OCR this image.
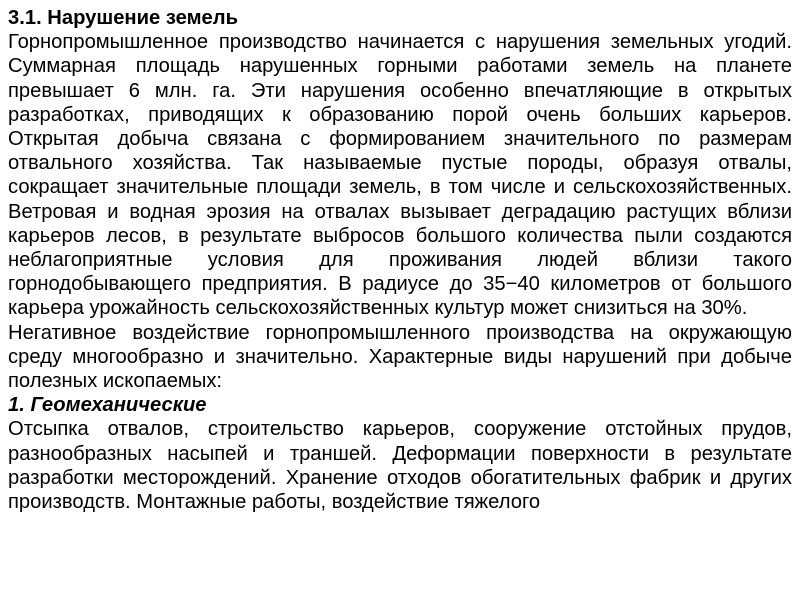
3.1. Нарушение земель

Горнопромышленное производство начинается с нарушения земельных угодий. Суммарная площадь нарушенных горными работами земель на планете превышает 6 млн. га. Эти нарушения особенно впечатляющие в открытых разработках, приводящих к образованию порой очень больших карьеров. Открытая добыча связана с формированием значительного по размерам отвального хозяйства. Так называемые пустые породы, образуя отвалы, сокращает значительные площади земель, в том числе и сельскохозяйственных. Ветровая и водная эрозия на отвалах вызывает деградацию растущих вблизи карьеров лесов, в результате выбросов большого количества пыли создаются неблагоприятные условия для проживания людей вблизи такого горнодобывающего предприятия. В радиусе до 35−40 километров от большого карьера урожайность сельскохозяйственных культур может снизиться на 30%.

Негативное воздействие горнопромышленного производства на окружающую среду многообразно и значительно. Характерные виды нарушений при добыче полезных ископаемых:

1. Геомеханические

Отсыпка отвалов, строительство карьеров, сооружение отстойных прудов, разнообразных насыпей и траншей. Деформации поверхности в результате разработки месторождений. Хранение отходов обогатительных фабрик и других производств. Монтажные работы, воздействие тяжелого
